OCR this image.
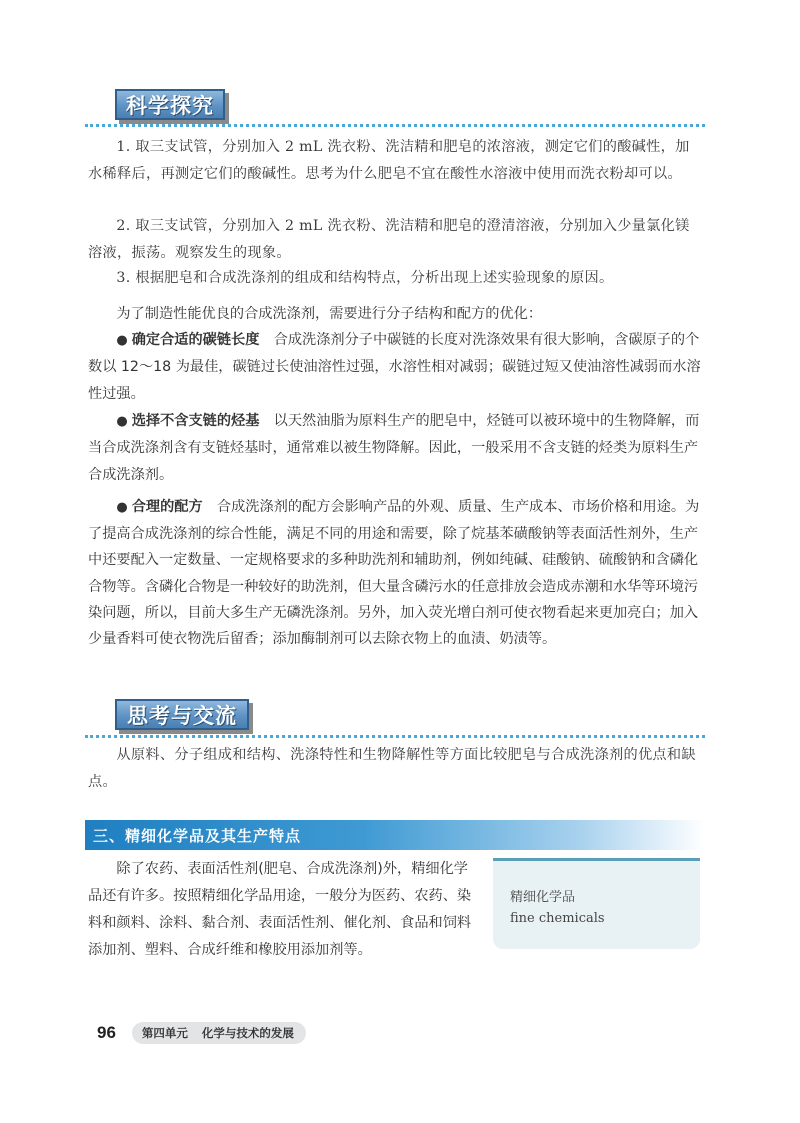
科学探究

1. 取三支试管，分别加入 2 mL 洗衣粉、洗洁精和肥皂的浓溶液，测定它们的酸碱性，加水稀释后，再测定它们的酸碱性。思考为什么肥皂不宜在酸性水溶液中使用而洗衣粉却可以。

2. 取三支试管，分别加入 2 mL 洗衣粉、洗洁精和肥皂的澄清溶液，分别加入少量氯化镁溶液，振荡。观察发生的现象。

3. 根据肥皂和合成洗涤剂的组成和结构特点，分析出现上述实验现象的原因。

为了制造性能优良的合成洗涤剂，需要进行分子结构和配方的优化：

● 确定合适的碳链长度　 合成洗涤剂分子中碳链的长度对洗涤效果有很大影响，含碳原子的个数以 12～18 为最佳，碳链过长使油溶性过强，水溶性相对减弱；碳链过短又使油溶性减弱而水溶性过强。

● 选择不含支链的烃基　 以天然油脂为原料生产的肥皂中，烃链可以被环境中的生物降解，而当合成洗涤剂含有支链烃基时，通常难以被生物降解。因此，一般采用不含支链的烃类为原料生产合成洗涤剂。

● 合理的配方　 合成洗涤剂的配方会影响产品的外观、质量、生产成本、市场价格和用途。为了提高合成洗涤剂的综合性能，满足不同的用途和需要，除了烷基苯磺酸钠等表面活性剂外，生产中还要配入一定数量、一定规格要求的多种助洗剂和辅助剂，例如纯碱、硅酸钠、硫酸钠和含磷化合物等。含磷化合物是一种较好的助洗剂，但大量含磷污水的任意排放会造成赤潮和水华等环境污染问题，所以，目前大多生产无磷洗涤剂。另外，加入荧光增白剂可使衣物看起来更加亮白；加入少量香料可使衣物洗后留香；添加酶制剂可以去除衣物上的血渍、奶渍等。

思考与交流

从原料、分子组成和结构、洗涤特性和生物降解性等方面比较肥皂与合成洗涤剂的优点和缺点。

三、精细化学品及其生产特点

除了农药、表面活性剂(肥皂、合成洗涤剂)外，精细化学品还有许多。按照精细化学品用途，一般分为医药、农药、染料和颜料、涂料、黏合剂、表面活性剂、催化剂、食品和饲料添加剂、塑料、合成纤维和橡胶用添加剂等。

精细化学品
fine chemicals
96 第四单元 化学与技术的发展
